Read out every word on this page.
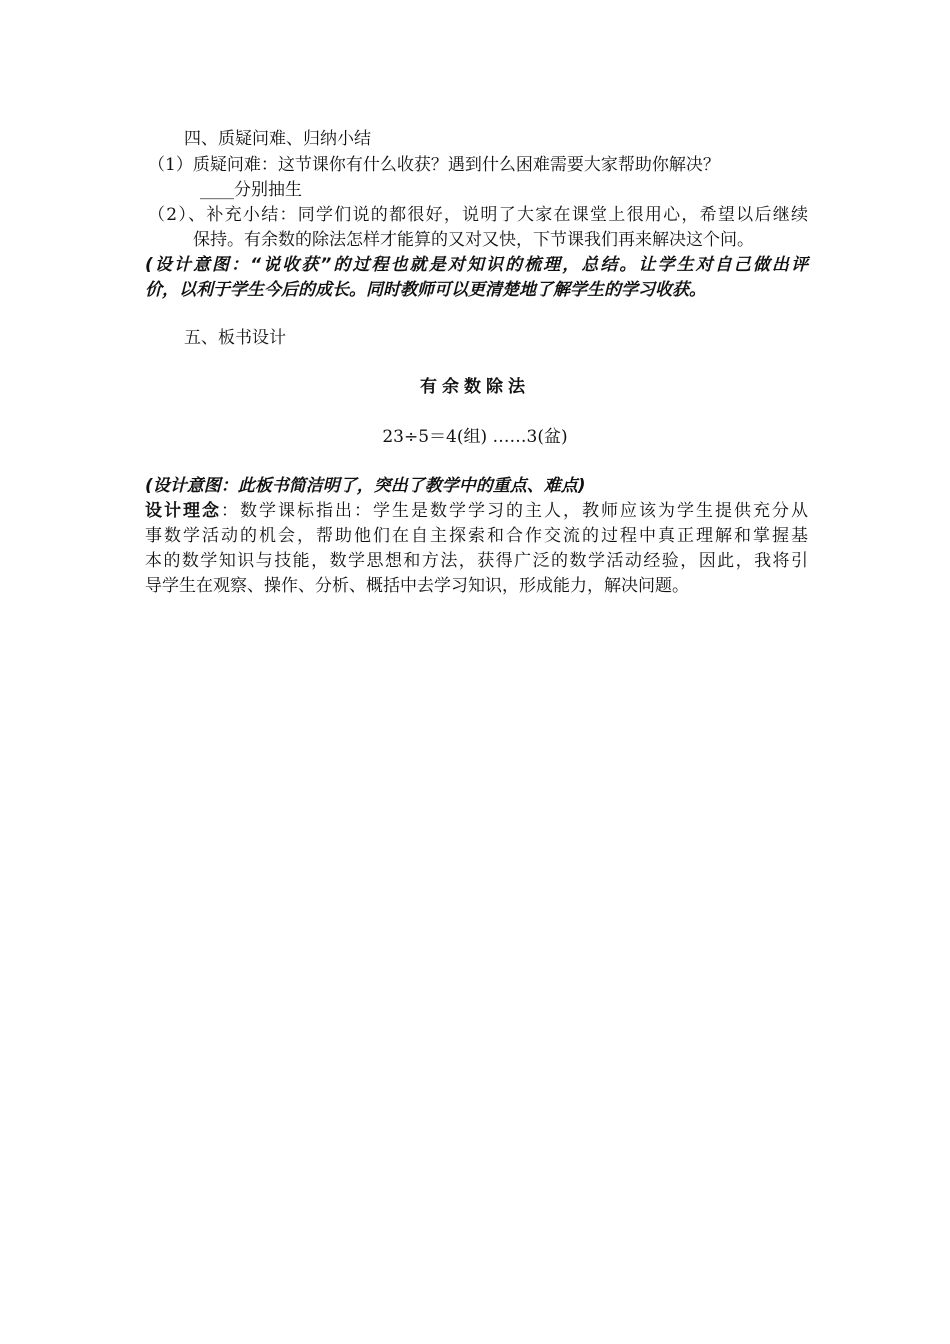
四、质疑问难、归纳小结
（1）质疑问难：这节课你有什么收获？遇到什么困难需要大家帮助你解决？
____分别抽生
（2）、补充小结：同学们说的都很好，说明了大家在课堂上很用心，希望以后继续
保持。有余数的除法怎样才能算的又对又快，下节课我们再来解决这个问。
(设计意图：“说收获”的过程也就是对知识的梳理，总结。让学生对自己做出评
价，以利于学生今后的成长。同时教师可以更清楚地了解学生的学习收获。
五、板书设计
有余数除法
23÷5＝4(组) ……3(盆)
(设计意图：此板书简洁明了，突出了教学中的重点、难点)
设计理念：数学课标指出：学生是数学学习的主人，教师应该为学生提供充分从
事数学活动的机会，帮助他们在自主探索和合作交流的过程中真正理解和掌握基
本的数学知识与技能，数学思想和方法，获得广泛的数学活动经验，因此，我将引
导学生在观察、操作、分析、概括中去学习知识，形成能力，解决问题。
